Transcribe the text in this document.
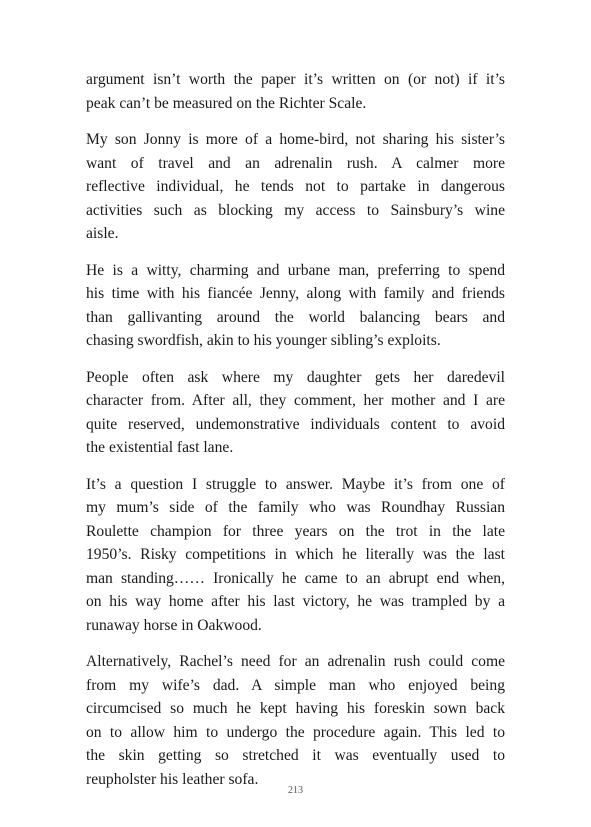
argument isn’t worth the paper it’s written on (or not) if it’s
peak can’t be measured on the Richter Scale.

My son Jonny is more of a home-bird, not sharing his sister’s
want of travel and an adrenalin rush. A calmer more
reflective individual, he tends not to partake in dangerous
activities such as blocking my access to Sainsbury’s wine
aisle.

He is a witty, charming and urbane man, preferring to spend
his time with his fiancée Jenny, along with family and friends
than gallivanting around the world balancing bears and
chasing swordfish, akin to his younger sibling’s exploits.

People often ask where my daughter gets her daredevil
character from. After all, they comment, her mother and I are
quite reserved, undemonstrative individuals content to avoid
the existential fast lane.

It’s a question I struggle to answer. Maybe it’s from one of
my mum’s side of the family who was Roundhay Russian
Roulette champion for three years on the trot in the late
1950’s. Risky competitions in which he literally was the last
man standing…… Ironically he came to an abrupt end when,
on his way home after his last victory, he was trampled by a
runaway horse in Oakwood.

Alternatively, Rachel’s need for an adrenalin rush could come
from my wife’s dad. A simple man who enjoyed being
circumcised so much he kept having his foreskin sown back
on to allow him to undergo the procedure again. This led to
the skin getting so stretched it was eventually used to
reupholster his leather sofa.

213
